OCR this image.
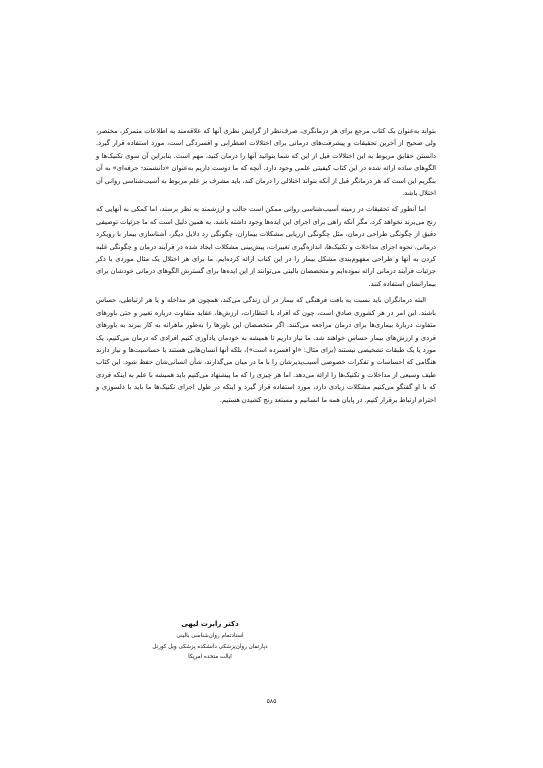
بتواند به‌عنوان یک کتاب مرجع برای هر درمانگری، صرف‌نظر از گرایش نظری آنها که علاقه‌مند به اطلاعات متمرکز، مختصر، ولی صحیح از آخرین تحقیقات و پیشرفت‌های درمانی برای اختلالات اضطرابی و افسردگی است، مورد استفاده قرار گیرد. دانستن حقایق مربوط به این اختلالات قبل از این که شما بتوانید آنها را درمان کنید، مهم است. بنابراین آن سوی تکنیک‌ها و الگوهای ساده ارائه شده در این کتاب کیفیتی علمی وجود دارد. آنچه که ما دوست داریم به‌عنوان «دانشمند- حرفه‌ای» به آن بنگریم این است که هر درمانگر قبل از آنکه بتواند اختلالی را درمان کند، باید مشرف بر علم مربوط به آسیب‌شناسی روانی آن اختلال باشد.

اما آنطور که تحقیقات در زمینه آسیب‌شناسی روانی ممکن است جالب و ارزشمند به نظر برسند، اما کمکی به آنهایی که رنج می‌برند نخواهد کرد، مگر آنکه راهی برای اجرای این ایده‌ها وجود داشته باشد. به همین دلیل است که ما جزئیات توصیفی دقیق از چگونگی طراحی درمان، مثل چگونگی ارزیابی مشکلات بیماران، چگونگی رد دلایل دیگر، آشناسازی بیمار با رویکرد درمانی، نحوه اجرای مداخلات و تکنیک‌ها، اندازه‌گیری تغییرات، پیش‌بینی مشکلات ایجاد شده در فرآیند درمان و چگونگی غلبه کردن به آنها و طراحی مفهوم‌بندی مشکل بیمار را در این کتاب ارائه کرده‌ایم. ما برای هر اختلال یک مثال موردی با ذکر جزئیات فرآیند درمانی ارائه نموده‌ایم و متخصصان بالینی می‌توانند از این ایده‌ها برای گسترش الگوهای درمانی خودشان برای بیمارانشان استفاده کنند.

البته درمانگران باید نسبت به بافت فرهنگی که بیمار در آن زندگی می‌کند، همچون هر مداخله و یا هر ارتباطی، حساس باشند. این امر در هر کشوری صادق است، چون که افراد با انتظارات، ارزش‌ها، عقاید متفاوت درباره تغییر و حتی باورهای متفاوت دربارهٔ بیماری‌ها برای درمان مراجعه می‌کنند. اگر متخصصان این باورها را به‌طور ماهرانه به کار ببرند به باورهای فردی و ارزش‌های بیمار حساس خواهند شد. ما نیاز داریم تا همیشه به خودمان یادآوری کنیم افرادی که درمان می‌کنیم، یک مورد یا یک طبقات تشخیصی نیستند (برای مثال: «او افسرده است»)، بلکه آنها انسان‌هایی هستند با حساسیت‌ها و نیاز دارند هنگامی که احساسات و تفکرات خصوصی آسیب‌پذیرشان را با ما در میان می‌گذارند، شأن انسانی‌شان حفظ شود. این کتاب طیف وسیعی از مداخلات و تکنیک‌ها را ارائه می‌دهد. اما هر چیزی را که ما پیشنهاد می‌کنیم باید همیشه با علم به اینکه فردی که با او گفتگو می‌کنیم مشکلات زیادی دارد، مورد استفاده قرار گیرد و اینکه در طول اجرای تکنیک‌ها ما باید با دلسوزی و احترام ارتباط برقرار کنیم. در پایان همه ما انسانیم و مستعد رنج کشیدن هستیم.

دکتر رابرت لیهی
استادتمام روان‌شناسی بالینی
دپارتمان روان‌پزشکی دانشکده پزشکی ویل کورنل
ایالت متحده امریکا
۵۸۵
